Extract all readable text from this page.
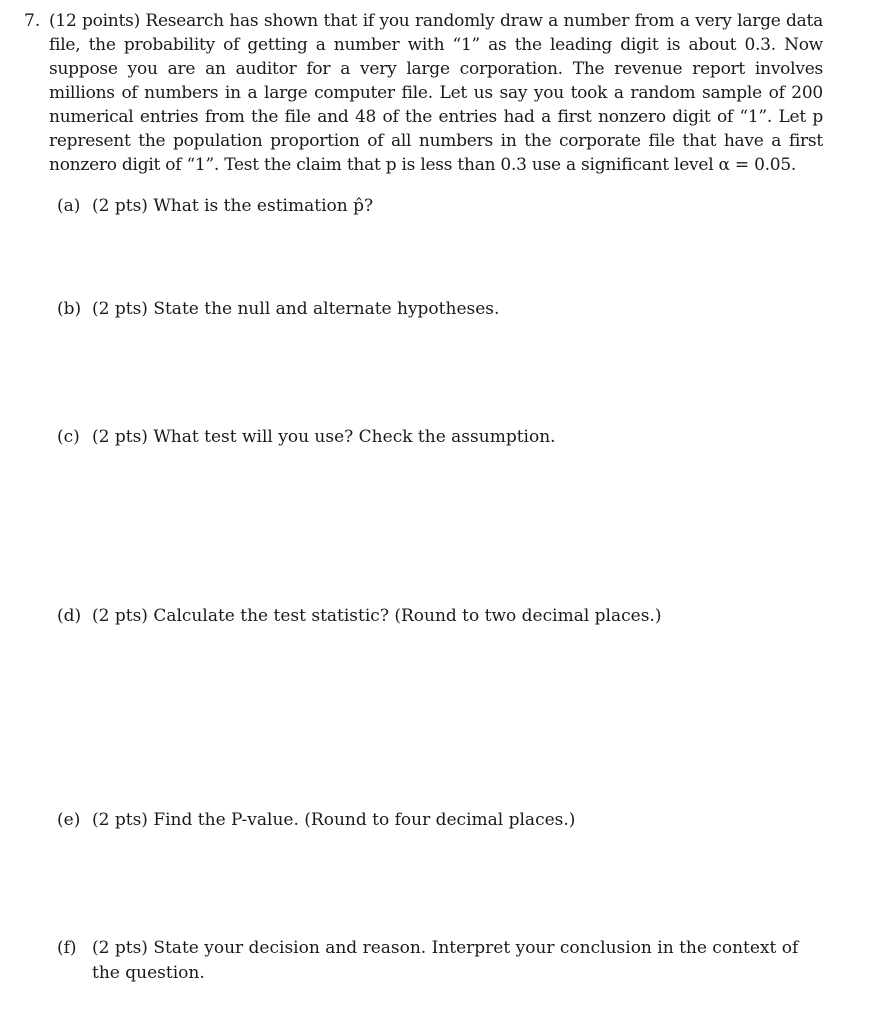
7. (12 points) Research has shown that if you randomly draw a number from a very large data file, the probability of getting a number with “1” as the leading digit is about 0.3. Now suppose you are an auditor for a very large corporation. The revenue report involves millions of numbers in a large computer file. Let us say you took a random sample of 200 numerical entries from the file and 48 of the entries had a first nonzero digit of “1”. Let p represent the population proportion of all numbers in the corporate file that have a first nonzero digit of “1”. Test the claim that p is less than 0.3 use a significant level α = 0.05.
(a) (2 pts) What is the estimation p̂?
(b) (2 pts) State the null and alternate hypotheses.
(c) (2 pts) What test will you use? Check the assumption.
(d) (2 pts) Calculate the test statistic? (Round to two decimal places.)
(e) (2 pts) Find the P-value. (Round to four decimal places.)
(f) (2 pts) State your decision and reason. Interpret your conclusion in the context of the question.
